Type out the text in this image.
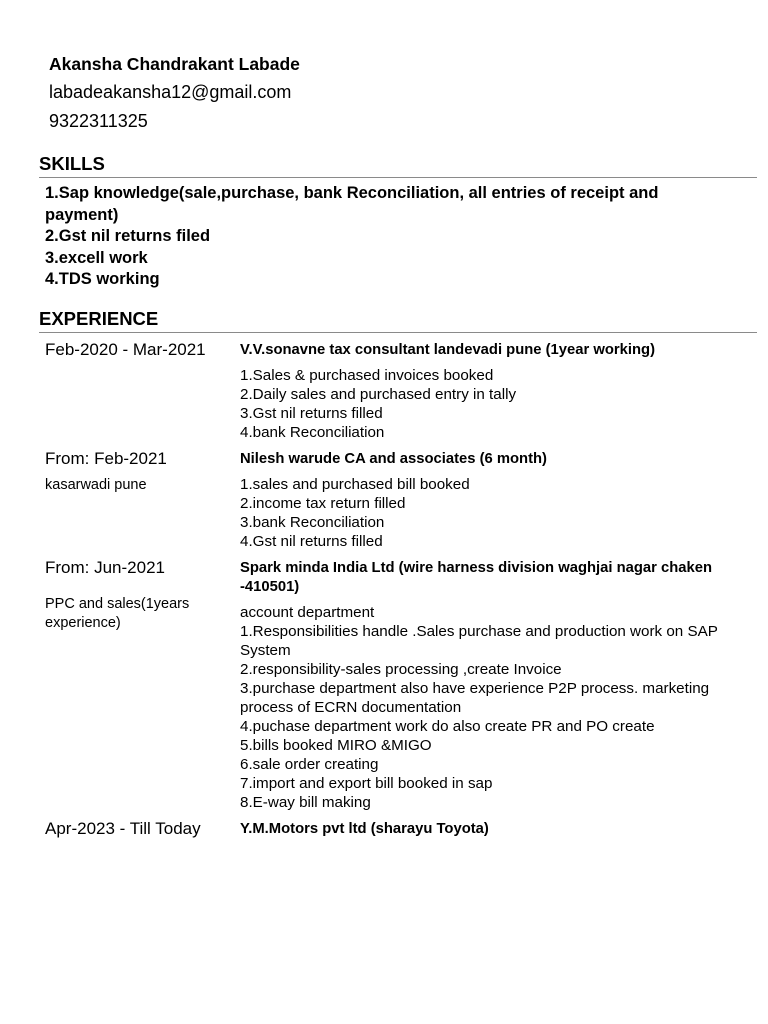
Akansha Chandrakant Labade
labadeakansha12@gmail.com
9322311325
SKILLS
1.Sap knowledge(sale,purchase, bank Reconciliation, all entries of receipt and payment)
2.Gst nil returns filed
3.excell work
4.TDS working
EXPERIENCE
Feb-2020 - Mar-2021	V.V.sonavne tax consultant landevadi pune (1year working)
1.Sales & purchased invoices booked
2.Daily sales and purchased entry in tally
3.Gst nil returns filled
4.bank Reconciliation
From: Feb-2021
kasarwadi pune
Nilesh warude CA and associates (6 month)
1.sales and purchased bill booked
2.income tax return filled
3.bank Reconciliation
4.Gst nil returns filled
From: Jun-2021
PPC and sales(1years experience)
Spark minda India Ltd (wire harness division waghjai nagar chaken -410501)
account department
1.Responsibilities handle .Sales purchase and production work on SAP System
2.responsibility-sales processing ,create Invoice
3.purchase department also have experience P2P process. marketing process of ECRN documentation
4.puchase department work do also create PR and PO create
5.bills booked MIRO &MIGO
6.sale order creating
7.import and export bill booked in sap
8.E-way bill making
Apr-2023 - Till Today	Y.M.Motors pvt ltd (sharayu Toyota)
